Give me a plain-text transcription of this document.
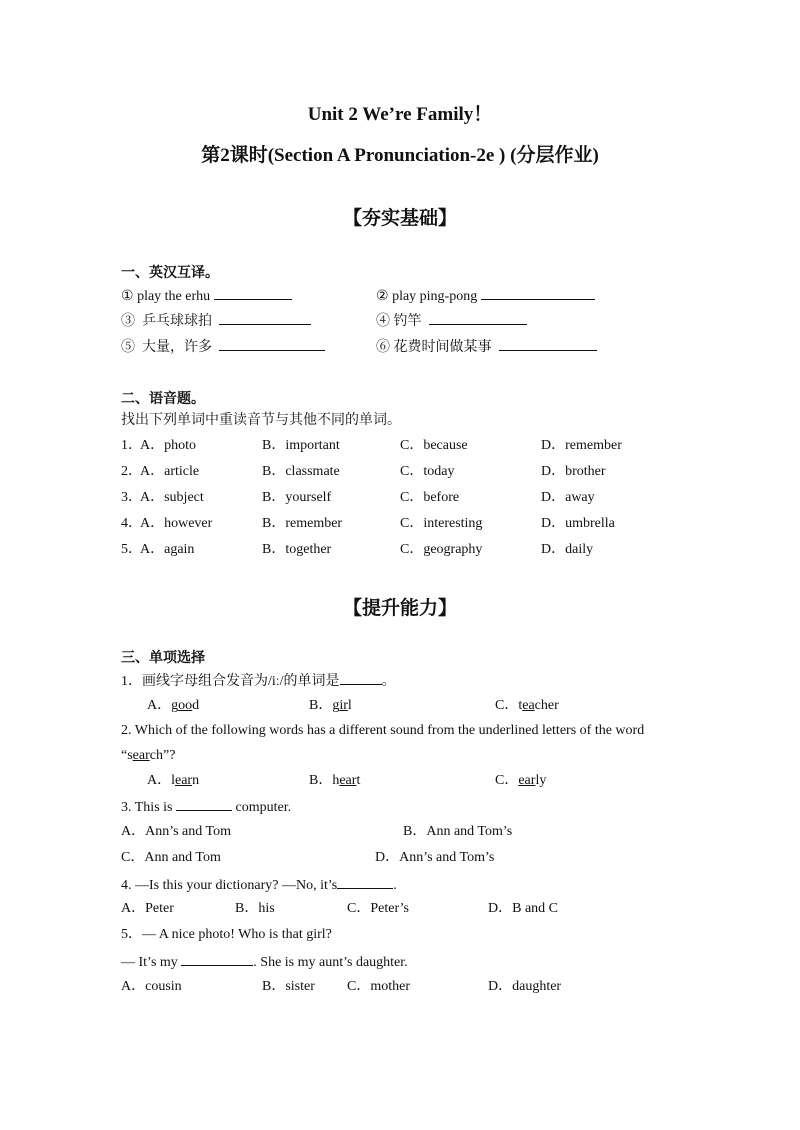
Unit 2 We’re Family！
第2课时(Section A Pronunciation-2e ) (分层作业)
【夯实基础】
一、英汉互译。
① play the erhu	② play ping-pong
③ 乒乓球球拍	④ 钓竿
⑤ 大量，许多	⑥ 花费时间做某事
二、语音题。
找出下列单词中重读音节与其他不同的单词。
1．
A．photo	B．important	C．because	D．remember
2．
A．article	B．classmate	C．today	D．brother
3．
A．subject	B．yourself	C．before	D．away
4．
A．however	B．remember	C．interesting	D．umbrella
5．
A．again	B．together	C．geography	D．daily
【提升能力】
三、单项选择
1．画线字母组合发音为/iː/的单词是	。
A．good	B．girl	C．teacher
2. Which of the following words has a different sound from the underlined letters of the word
“search”?
A．learn	B．heart	C．early
3. This is	computer.
A．Ann’s and Tom	B．Ann and Tom’s
C．Ann and Tom	D．Ann’s and Tom’s
4. —Is this your dictionary? —No, it’s	.
A．Peter	B．his	C．Peter’s	D．B and C
5．— A nice photo! Who is that girl?
— It’s my	. She is my aunt’s daughter.
A．cousin	B．sister C．mother	D．daughter
